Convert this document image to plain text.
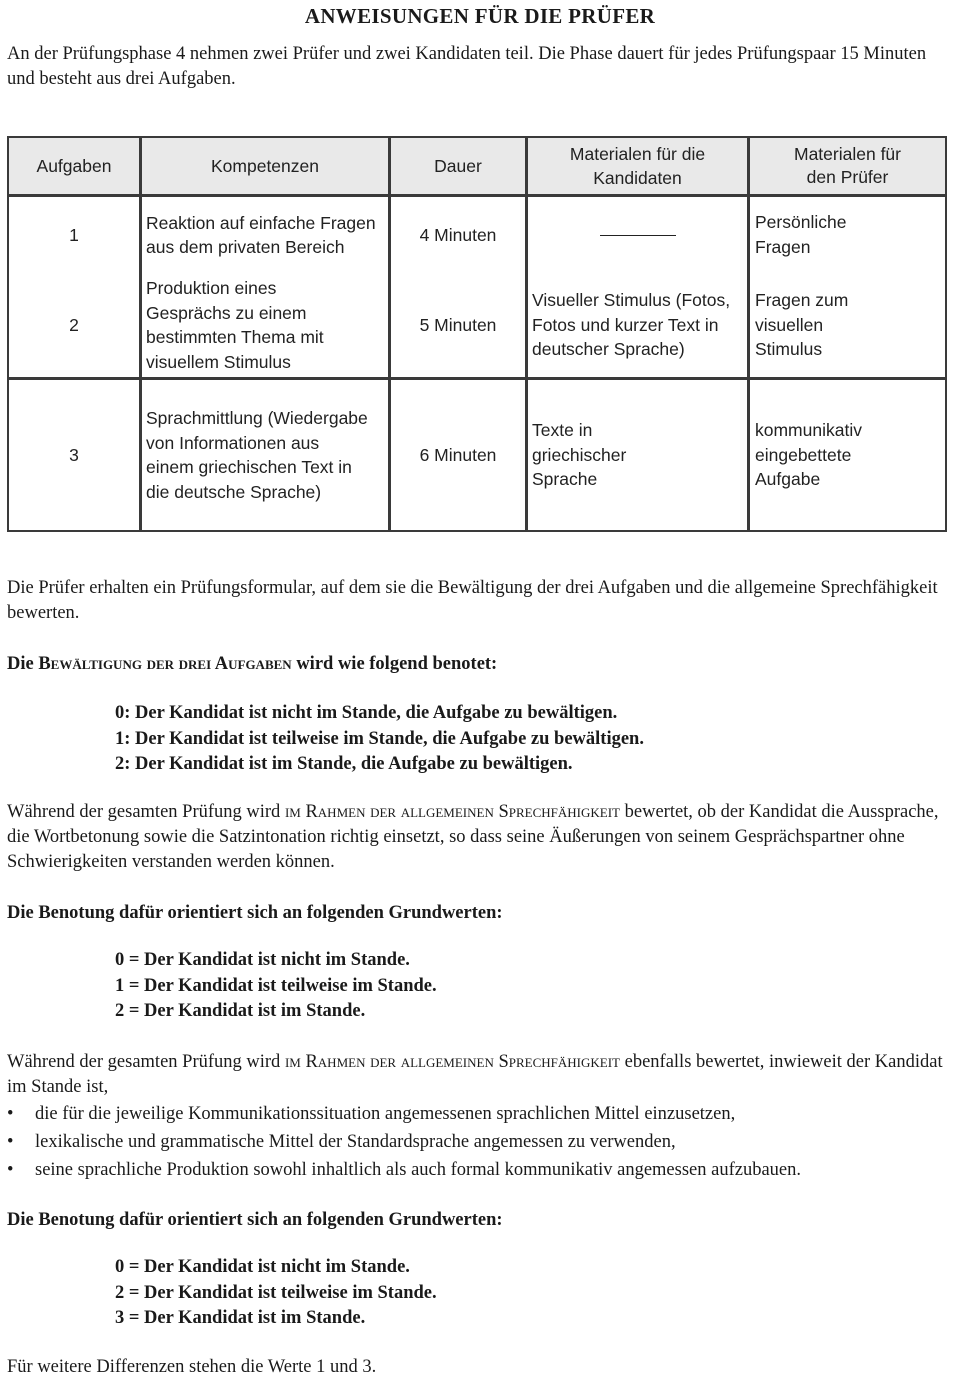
ANWEISUNGEN FÜR DIE PRÜFER

An der Prüfungsphase 4 nehmen zwei Prüfer und zwei Kandidaten teil. Die Phase dauert für jedes Prüfungspaar 15 Minuten und besteht aus drei Aufgaben.

Aufgaben	Kompetenzen	Dauer
Materialen für die Kandidaten
Materialen für den Prüfer
1
Reaktion auf einfache Fragen aus dem privaten Bereich
4 Minuten
Persönliche Fragen
2
Produktion eines Gesprächs zu einem bestimmten Thema mit visuellem Stimulus
5 Minuten
Visueller Stimulus (Fotos, Fotos und kurzer Text in deutscher Sprache)
Fragen zum visuellen Stimulus
3
Sprachmittlung (Wiedergabe von Informationen aus einem griechischen Text in die deutsche Sprache)
6 Minuten
Texte in griechischer Sprache
kommunikativ eingebettete Aufgabe

Die Prüfer erhalten ein Prüfungsformular, auf dem sie die Bewältigung der drei Aufgaben und die allgemeine Sprechfähigkeit bewerten.

Die Bewältigung der drei Aufgaben wird wie folgend benotet:

0: Der Kandidat ist nicht im Stande, die Aufgabe zu bewältigen.
1: Der Kandidat ist teilweise im Stande, die Aufgabe zu bewältigen.
2: Der Kandidat ist im Stande, die Aufgabe zu bewältigen.

Während der gesamten Prüfung wird im Rahmen der allgemeinen Sprechfähigkeit bewertet, ob der Kandidat die Aussprache, die Wortbetonung sowie die Satzintonation richtig einsetzt, so dass seine Äußerungen von seinem Gesprächspartner ohne Schwierigkeiten verstanden werden können.

Die Benotung dafür orientiert sich an folgenden Grundwerten:

0 = Der Kandidat ist nicht im Stande.
1 = Der Kandidat ist teilweise im Stande.
2 = Der Kandidat ist im Stande.

Während der gesamten Prüfung wird im Rahmen der allgemeinen Sprechfähigkeit ebenfalls bewertet, inwieweit der Kandidat im Stande ist,

• die für die jeweilige Kommunikationssituation angemessenen sprachlichen Mittel einzusetzen,
• lexikalische und grammatische Mittel der Standardsprache angemessen zu verwenden,
• seine sprachliche Produktion sowohl inhaltlich als auch formal kommunikativ angemessen aufzubauen.

Die Benotung dafür orientiert sich an folgenden Grundwerten:

0 = Der Kandidat ist nicht im Stande.
2 = Der Kandidat ist teilweise im Stande.
3 = Der Kandidat ist im Stande.

Für weitere Differenzen stehen die Werte 1 und 3.
